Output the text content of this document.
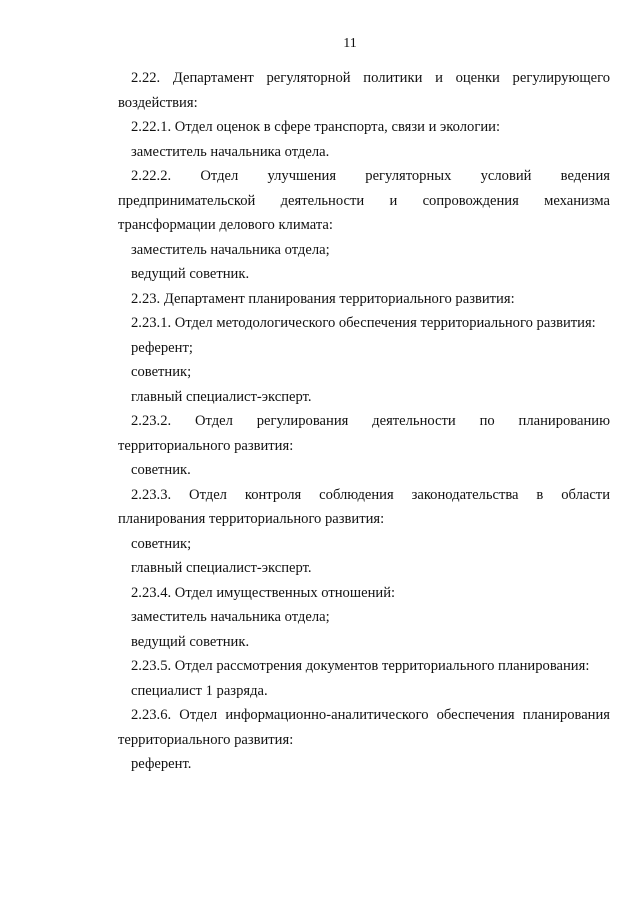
11

2.22. Департамент регуляторной политики и оценки регулирующего воздействия:

2.22.1. Отдел оценок в сфере транспорта, связи и экологии:

заместитель начальника отдела.

2.22.2. Отдел улучшения регуляторных условий ведения предпринимательской деятельности и сопровождения механизма трансформации делового климата:

заместитель начальника отдела;

ведущий советник.

2.23. Департамент планирования территориального развития:

2.23.1. Отдел методологического обеспечения территориального развития:

референт;

советник;

главный специалист-эксперт.

2.23.2. Отдел регулирования деятельности по планированию территориального развития:

советник.

2.23.3. Отдел контроля соблюдения законодательства в области планирования территориального развития:

советник;

главный специалист-эксперт.

2.23.4. Отдел имущественных отношений:

заместитель начальника отдела;

ведущий советник.

2.23.5. Отдел рассмотрения документов территориального планирования:

специалист 1 разряда.

2.23.6. Отдел информационно-аналитического обеспечения планирования территориального развития:

референт.
